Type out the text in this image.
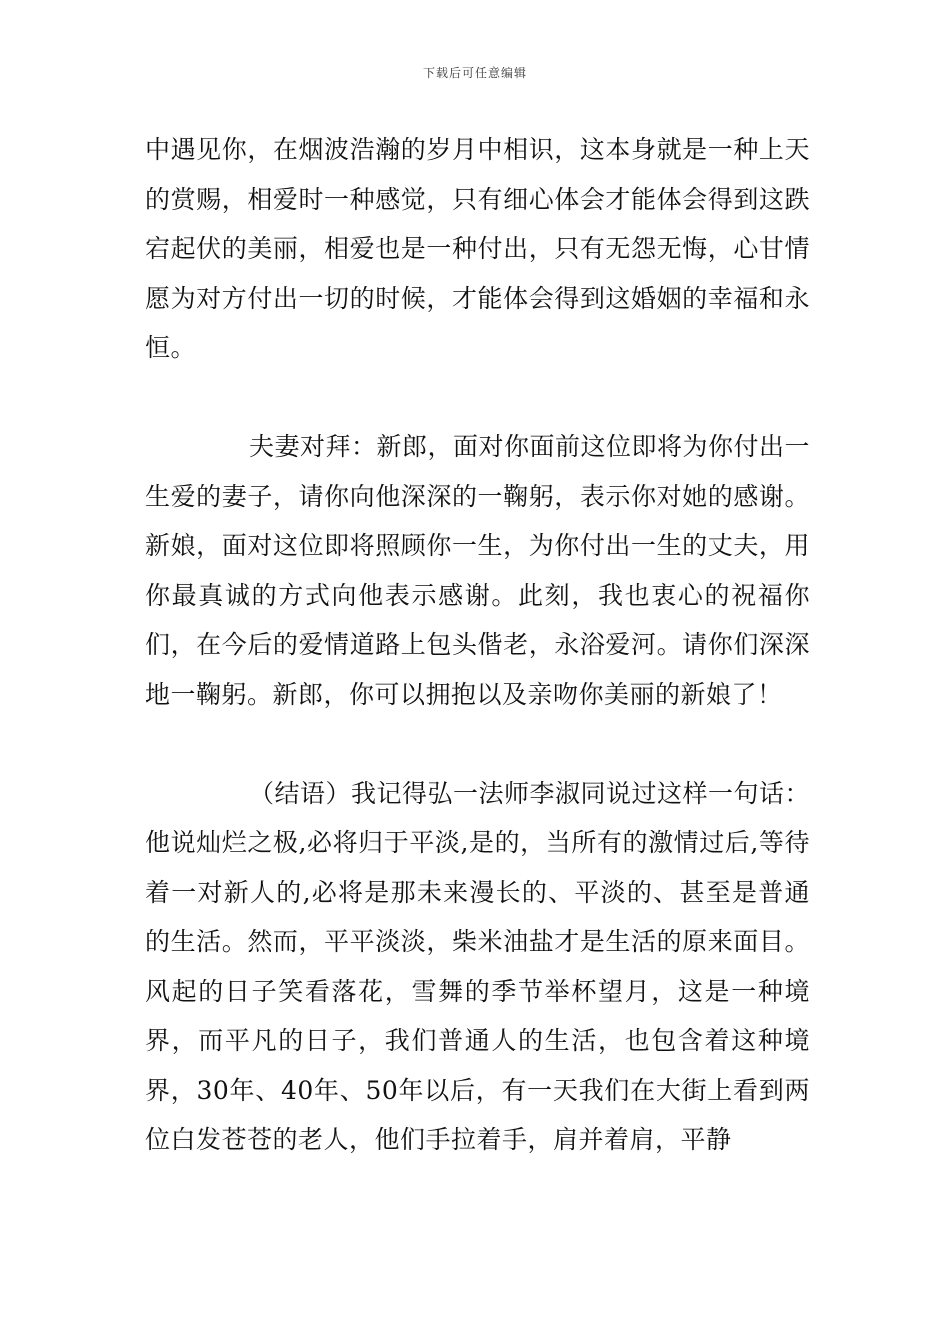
下载后可任意编辑

中遇见你，在烟波浩瀚的岁月中相识，这本身就是一种上天的赏赐，相爱时一种感觉，只有细心体会才能体会得到这跌宕起伏的美丽，相爱也是一种付出，只有无怨无悔，心甘情愿为对方付出一切的时候，才能体会得到这婚姻的幸福和永恒。

夫妻对拜：新郎，面对你面前这位即将为你付出一生爱的妻子，请你向他深深的一鞠躬，表示你对她的感谢。新娘，面对这位即将照顾你一生，为你付出一生的丈夫，用你最真诚的方式向他表示感谢。此刻，我也衷心的祝福你们，在今后的爱情道路上包头偕老，永浴爱河。请你们深深地一鞠躬。新郎，你可以拥抱以及亲吻你美丽的新娘了！

（结语）我记得弘一法师李淑同说过这样一句话：他说灿烂之极,必将归于平淡,是的，当所有的激情过后,等待着一对新人的,必将是那未来漫长的、平淡的、甚至是普通的生活。然而，平平淡淡，柴米油盐才是生活的原来面目。风起的日子笑看落花，雪舞的季节举杯望月，这是一种境界，而平凡的日子，我们普通人的生活，也包含着这种境界，30年、40年、50年以后，有一天我们在大街上看到两位白发苍苍的老人，他们手拉着手，肩并着肩，平静
